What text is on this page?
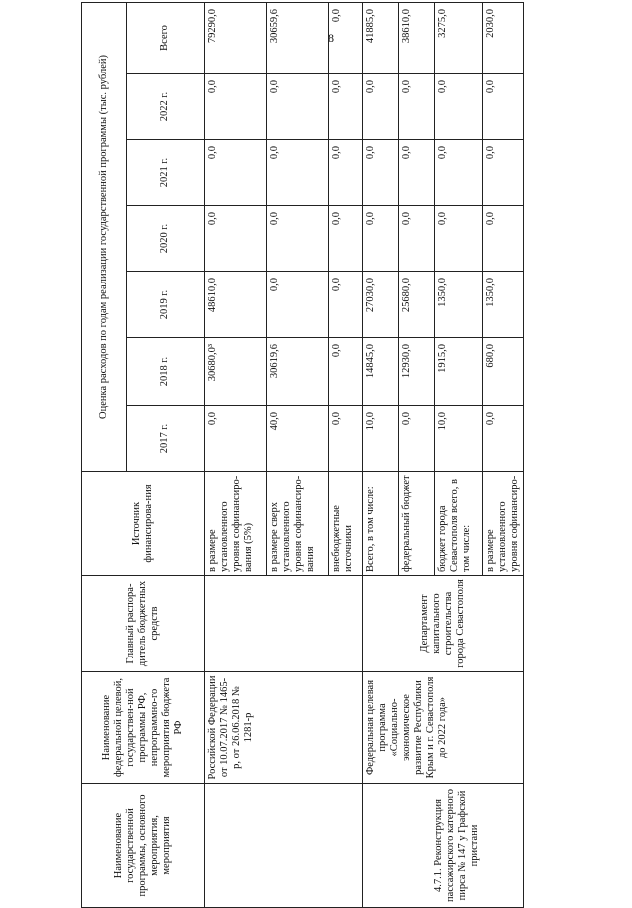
8
Наименование государственной программы, основного мероприятия, мероприятия	Наименование федеральной целевой, государствен-ной программы РФ, непрограммно-го мероприятия бюджета РФ	Главный распора-дитель бюджетных средств	Источник финансирова-ния	Оценка расходов по годам реализации государственной программы (тыс. рублей)						
				2017 г.	2018 г.	2019 г.	2020 г.	2021 г.	2022 г.	Всего
	Российской Федерации от 10.07.2017 № 1465-р, от 26.06.2018 № 1281-р		в размере установленного уровня софинансиро-вания (5%)	0,0	30680,0³	48610,0	0,0	0,0	0,0	79290,0
			в размере сверх установленного уровня софинансиро-вания	40,0	30619,6	0,0	0,0	0,0	0,0	30659,6
			внебюджетные источники	0,0	0,0	0,0	0,0	0,0	0,0	0,0
4.7.1. Реконструкция пассажирского катерного пирса № 147 у Графской пристани	Федеральная целевая программа «Социально-экономическое развитие Республики Крым и г. Севастополя до 2022 года»	Департамент капитального строительства города Севастополя	Всего, в том числе:	10,0	14845,0	27030,0	0,0	0,0	0,0	41885,0
			федеральный бюджет	0,0	12930,0	25680,0	0,0	0,0	0,0	38610,0
			бюджет города Севастополя всего, в том числе:	10,0	1915,0	1350,0	0,0	0,0	0,0	3275,0
			в размере установленного уровня софинансиро-	0,0	680,0	1350,0	0,0	0,0	0,0	2030,0
